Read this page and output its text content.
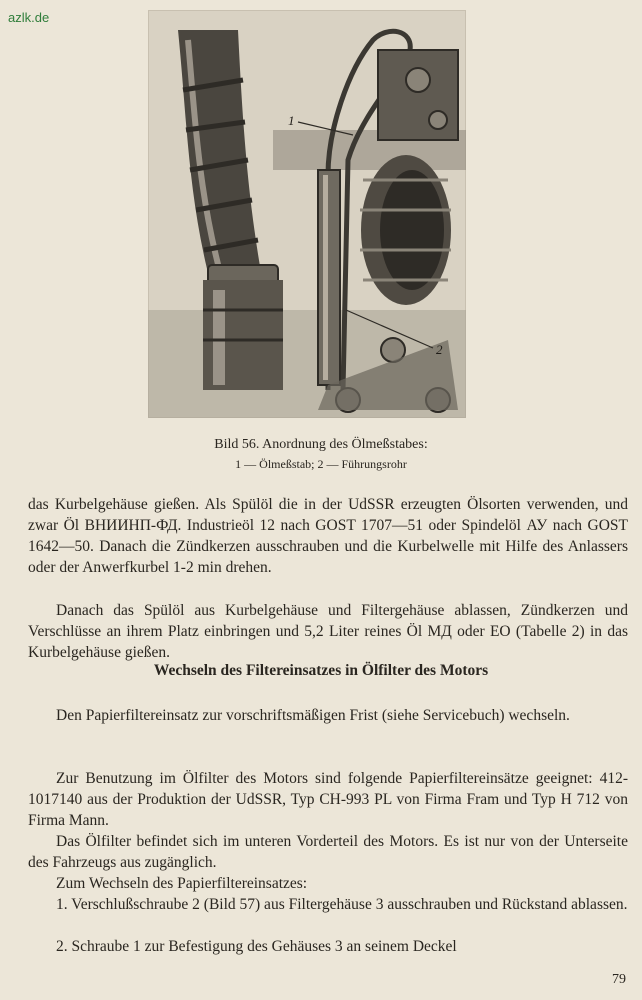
azlk.de
1
2
Bild 56. Anordnung des Ölmeßstabes:
1 — Ölmeßstab; 2 — Führungsrohr

das Kurbelgehäuse gießen. Als Spülöl die in der UdSSR erzeugten Ölsorten verwenden, und zwar Öl ВНИИНП-ФД. Industrieöl 12 nach GOST 1707—51 oder Spindelöl АУ nach GOST 1642—50. Danach die Zündkerzen ausschrauben und die Kurbelwelle mit Hilfe des Anlassers oder der Anwerfkurbel 1-2 min drehen.

Danach das Spülöl aus Kurbelgehäuse und Filtergehäuse ablassen, Zündkerzen und Verschlüsse an ihrem Platz einbringen und 5,2 Liter reines Öl МД oder EO (Tabelle 2) in das Kurbelgehäuse gießen.

Wechseln des Filtereinsatzes in Ölfilter des Motors

Den Papierfiltereinsatz zur vorschriftsmäßigen Frist (siehe Servicebuch) wechseln.

Zur Benutzung im Ölfilter des Motors sind folgende Papierfiltereinsätze geeignet: 412-1017140 aus der Produktion der UdSSR, Typ CH-993 PL von Firma Fram und Typ H 712 von Firma Mann.

Das Ölfilter befindet sich im unteren Vorderteil des Motors. Es ist nur von der Unterseite des Fahrzeugs aus zugänglich.

Zum Wechseln des Papierfiltereinsatzes:

1. Verschlußschraube 2 (Bild 57) aus Filtergehäuse 3 ausschrauben und Rückstand ablassen.

2. Schraube 1 zur Befestigung des Gehäuses 3 an seinem Deckel

79
